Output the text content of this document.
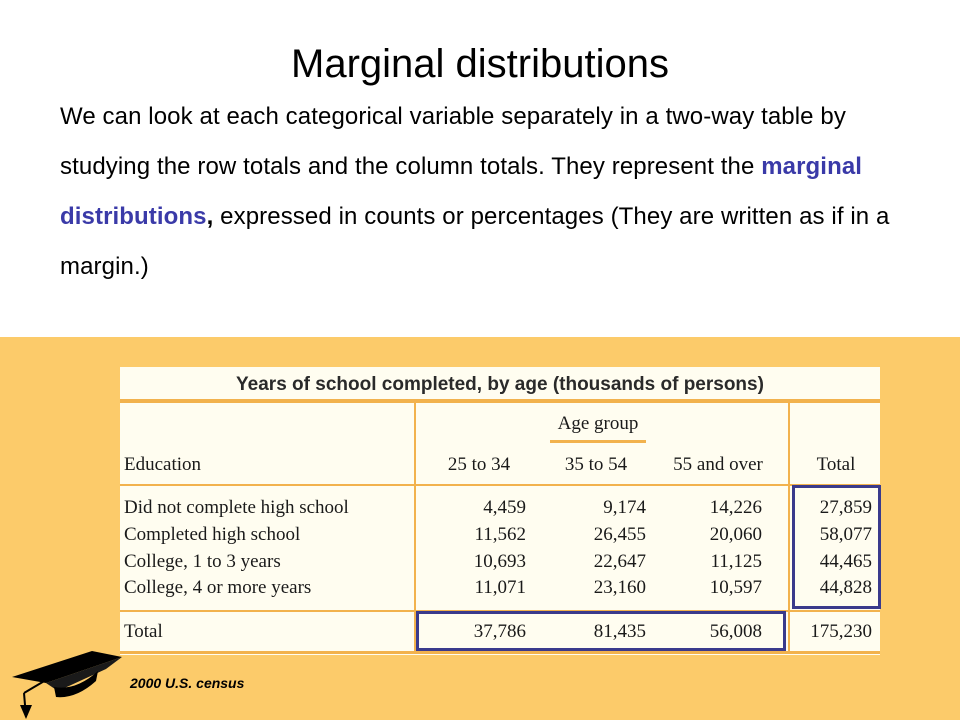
Marginal distributions

We can look at each categorical variable separately in a two-way table by studying the row totals and the column totals. They represent the marginal distributions, expressed in counts or percentages (They are written as if in a margin.)

Years of school completed, by age (thousands of persons)
Age group
Education	25 to 34	35 to 54	55 and over	Total
Did not complete high school	4,459	9,174	14,226	27,859
Completed high school	11,562	26,455	20,060	58,077
College, 1 to 3 years	10,693	22,647	11,125	44,465
College, 4 or more years	11,071	23,160	10,597	44,828
Total	37,786	81,435	56,008	175,230
2000 U.S. census
